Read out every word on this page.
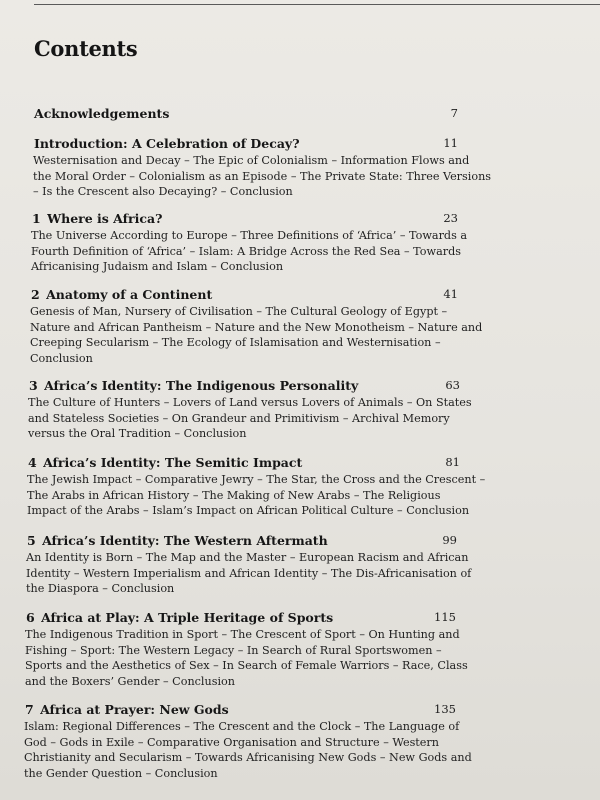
Contents
Acknowledgements	7
Introduction: A Celebration of Decay?	11
Westernisation and Decay – The Epic of Colonialism – Information Flows and
the Moral Order – Colonialism as an Episode – The Private State: Three Versions
– Is the Crescent also Decaying? – Conclusion
1 Where is Africa?	23
The Universe According to Europe – Three Definitions of ‘Africa’ – Towards a
Fourth Definition of ‘Africa’ – Islam: A Bridge Across the Red Sea – Towards
Africanising Judaism and Islam – Conclusion
2 Anatomy of a Continent	41
Genesis of Man, Nursery of Civilisation – The Cultural Geology of Egypt –
Nature and African Pantheism – Nature and the New Monotheism – Nature and
Creeping Secularism – The Ecology of Islamisation and Westernisation –
Conclusion
3 Africa’s Identity: The Indigenous Personality	63
The Culture of Hunters – Lovers of Land versus Lovers of Animals – On States
and Stateless Societies – On Grandeur and Primitivism – Archival Memory
versus the Oral Tradition – Conclusion
4 Africa’s Identity: The Semitic Impact	81
The Jewish Impact – Comparative Jewry – The Star, the Cross and the Crescent –
The Arabs in African History – The Making of New Arabs – The Religious
Impact of the Arabs – Islam’s Impact on African Political Culture – Conclusion
5 Africa’s Identity: The Western Aftermath	99
An Identity is Born – The Map and the Master – European Racism and African
Identity – Western Imperialism and African Identity – The Dis-Africanisation of
the Diaspora – Conclusion
6 Africa at Play: A Triple Heritage of Sports	115
The Indigenous Tradition in Sport – The Crescent of Sport – On Hunting and
Fishing – Sport: The Western Legacy – In Search of Rural Sportswomen –
Sports and the Aesthetics of Sex – In Search of Female Warriors – Race, Class
and the Boxers’ Gender – Conclusion
7 Africa at Prayer: New Gods	135
Islam: Regional Differences – The Crescent and the Clock – The Language of
God – Gods in Exile – Comparative Organisation and Structure – Western
Christianity and Secularism – Towards Africanising New Gods – New Gods and
the Gender Question – Conclusion
